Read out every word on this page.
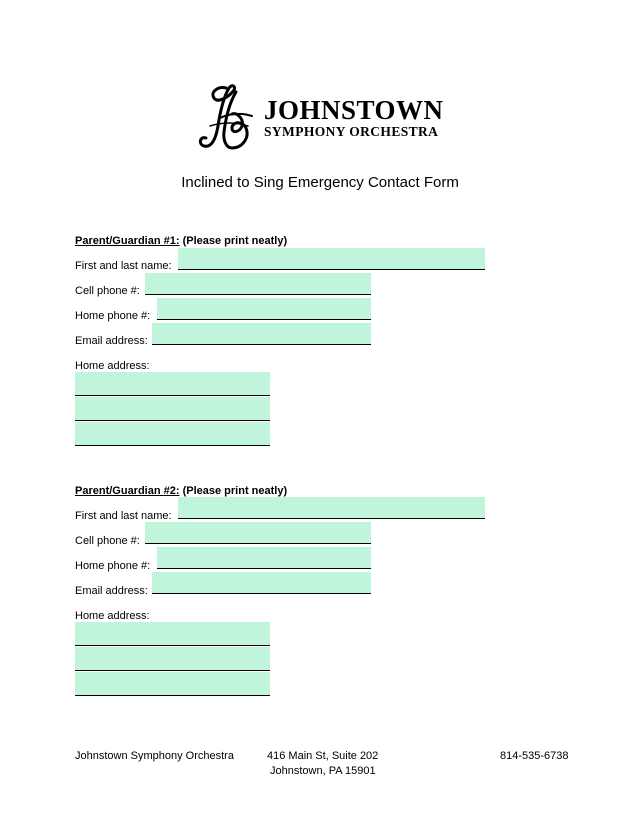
JOHNSTOWN
SYMPHONY ORCHESTRA
Inclined to Sing Emergency Contact Form
Parent/Guardian #1: (Please print neatly)
First and last name:
Cell phone #:
Home phone #:
Email address:
Home address:
Parent/Guardian #2: (Please print neatly)
First and last name:
Cell phone #:
Home phone #:
Email address:
Home address:
Johnstown Symphony Orchestra	416 Main St, Suite 202
Johnstown, PA 15901
814-535-6738
